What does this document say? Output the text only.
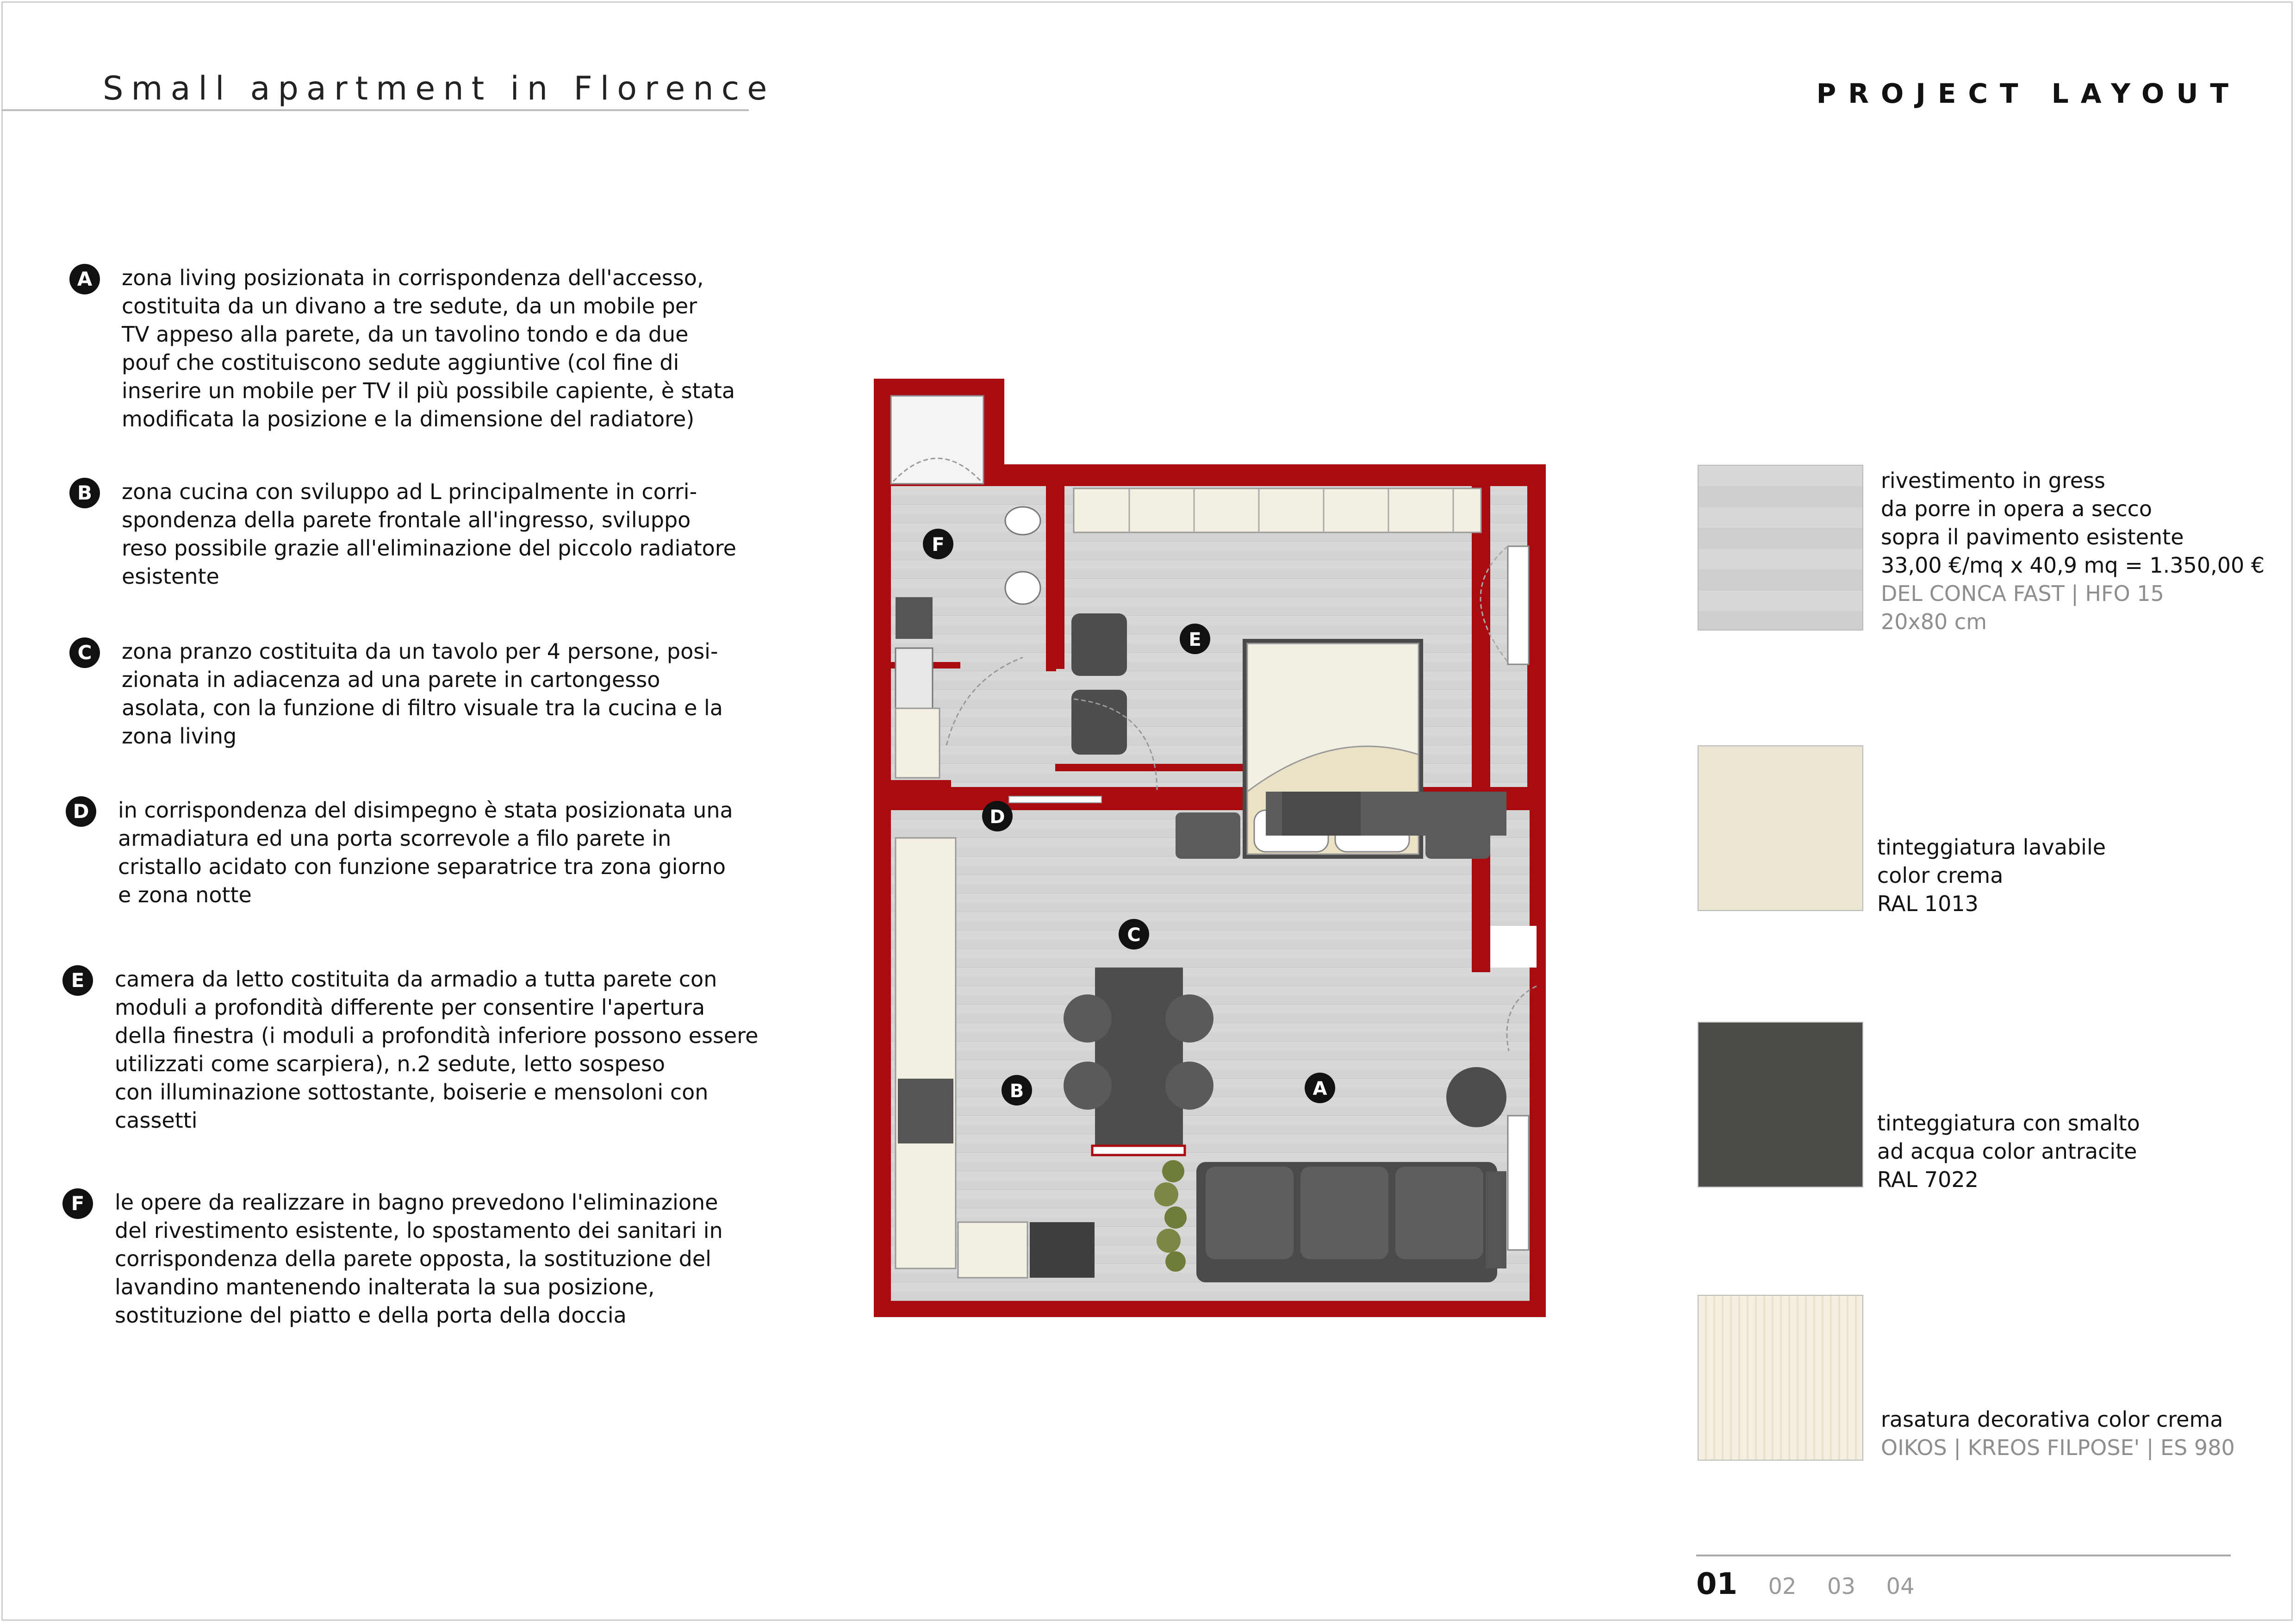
Small apartment in Florence	PROJECT LAYOUT
A	zona living posizionata in corrispondenza dell'accesso,
costituita da un divano a tre sedute, da un mobile per
TV appeso alla parete, da un tavolino tondo e da due
pouf che costituiscono sedute aggiuntive (col fine di
inserire un mobile per TV il più possibile capiente, è stata
modificata la posizione e la dimensione del radiatore)
B	zona cucina con sviluppo ad L principalmente in corri-
spondenza della parete frontale all'ingresso, sviluppo
reso possibile grazie all'eliminazione del piccolo radiatore
esistente
C	zona pranzo costituita da un tavolo per 4 persone, posi-
zionata in adiacenza ad una parete in cartongesso
asolata, con la funzione di filtro visuale tra la cucina e la
zona living
D	in corrispondenza del disimpegno è stata posizionata una
armadiatura ed una porta scorrevole a filo parete in
cristallo acidato con funzione separatrice tra zona giorno
e zona notte
E	camera da letto costituita da armadio a tutta parete con
moduli a profondità differente per consentire l'apertura
della finestra (i moduli a profondità inferiore possono essere
utilizzati come scarpiera), n.2 sedute, letto sospeso
con illuminazione sottostante, boiserie e mensoloni con
cassetti
F	le opere da realizzare in bagno prevedono l'eliminazione
del rivestimento esistente, lo spostamento dei sanitari in
corrispondenza della parete opposta, la sostituzione del
lavandino mantenendo inalterata la sua posizione,
sostituzione del piatto e della porta della doccia
F
E
D
C
B	A
rivestimento in gress
da porre in opera a secco
sopra il pavimento esistente
33,00 €/mq x 40,9 mq = 1.350,00 €
DEL CONCA FAST | HFO 15
20x80 cm
tinteggiatura lavabile
color crema
RAL 1013
tinteggiatura con smalto
ad acqua color antracite
RAL 7022
rasatura decorativa color crema
OIKOS | KREOS FILPOSE' | ES 980
01 02 03 04
